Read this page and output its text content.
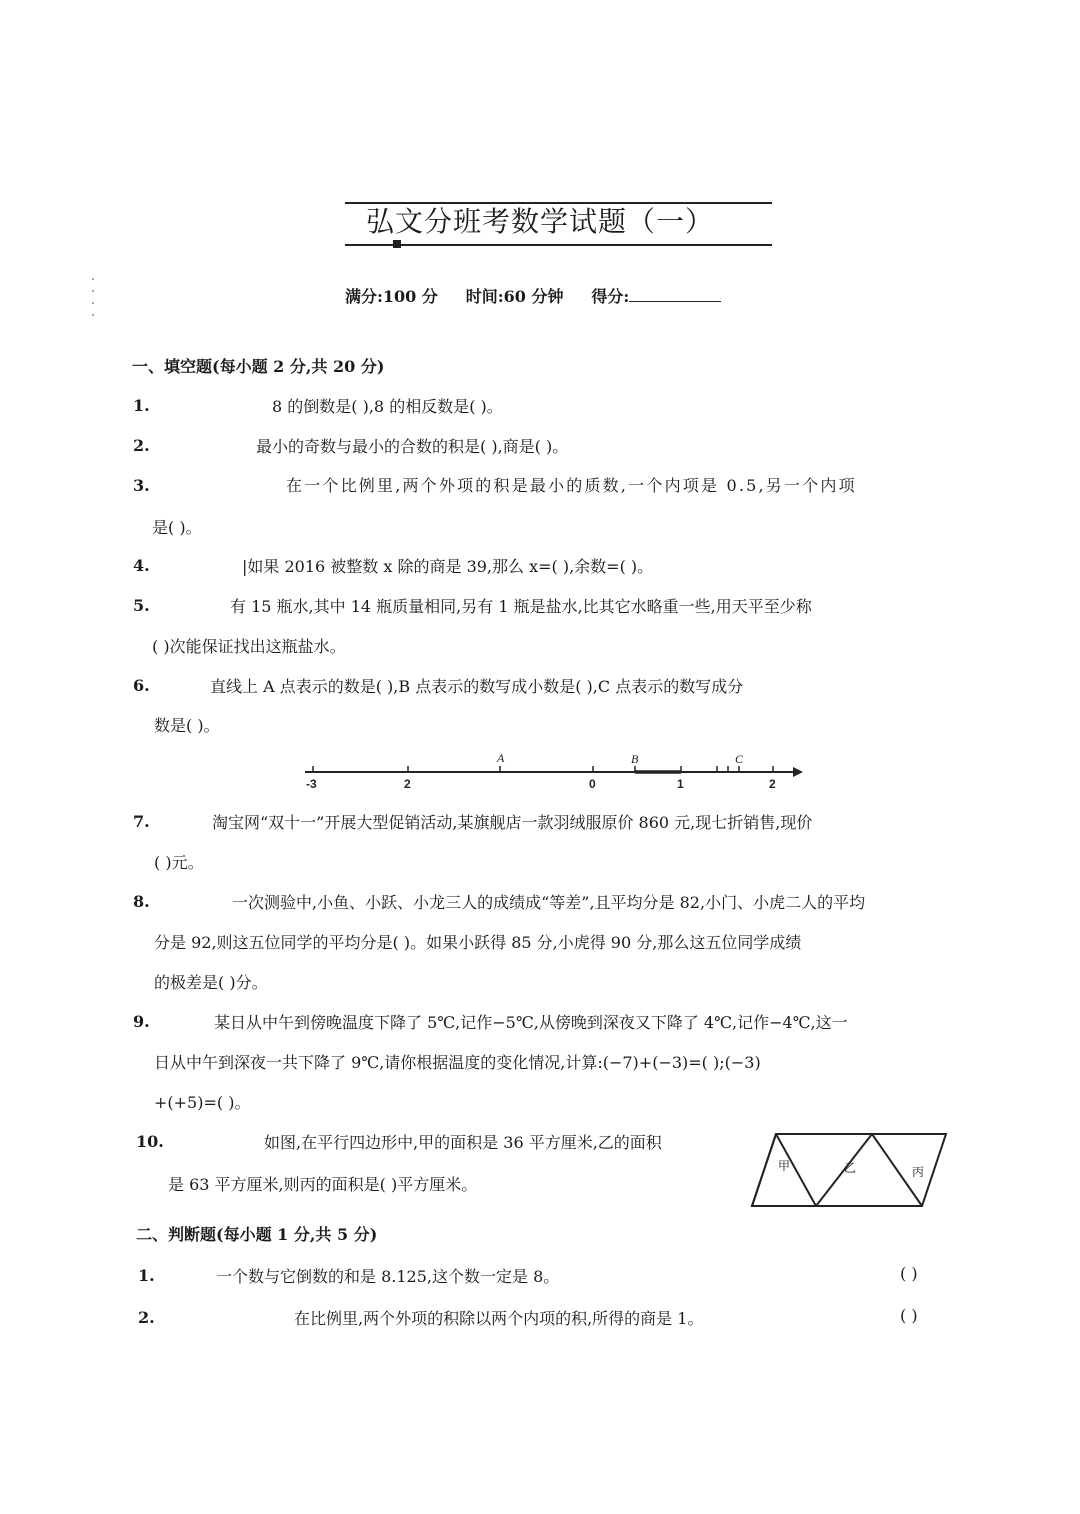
弘文分班考数学试题（一）
满分:100 分 时间:60 分钟 得分:
一、填空题(每小题 2 分,共 20 分)
1.	8 的倒数是( ),8 的相反数是( )。
2.	最小的奇数与最小的合数的积是( ),商是( )。
3.	在一个比例里,两个外项的积是最小的质数,一个内项是 0.5,另一个内项
是( )。
4.	|如果 2016 被整数 x 除的商是 39,那么 x=( ),余数=( )。
5.	有 15 瓶水,其中 14 瓶质量相同,另有 1 瓶是盐水,比其它水略重一些,用天平至少称
( )次能保证找出这瓶盐水。
6.	直线上 A 点表示的数是( ),B 点表示的数写成小数是( ),C 点表示的数写成分
数是( )。
-3	2	0	1	2
A	B	C
7.	淘宝网“双十一”开展大型促销活动,某旗舰店一款羽绒服原价 860 元,现七折销售,现价
( )元。
8.	一次测验中,小鱼、小跃、小龙三人的成绩成“等差”,且平均分是 82,小门、小虎二人的平均
分是 92,则这五位同学的平均分是( )。如果小跃得 85 分,小虎得 90 分,那么这五位同学成绩
的极差是( )分。
9.	某日从中午到傍晚温度下降了 5℃,记作−5℃,从傍晚到深夜又下降了 4℃,记作−4℃,这一
日从中午到深夜一共下降了 9℃,请你根据温度的变化情况,计算:(−7)+(−3)=( );(−3)
+(+5)=( )。
10.	如图,在平行四边形中,甲的面积是 36 平方厘米,乙的面积
是 63 平方厘米,则丙的面积是( )平方厘米。
甲	乙	丙
二、判断题(每小题 1 分,共 5 分)
1.	一个数与它倒数的和是 8.125,这个数一定是 8。	( )
2.	在比例里,两个外项的积除以两个内项的积,所得的商是 1。	( )
